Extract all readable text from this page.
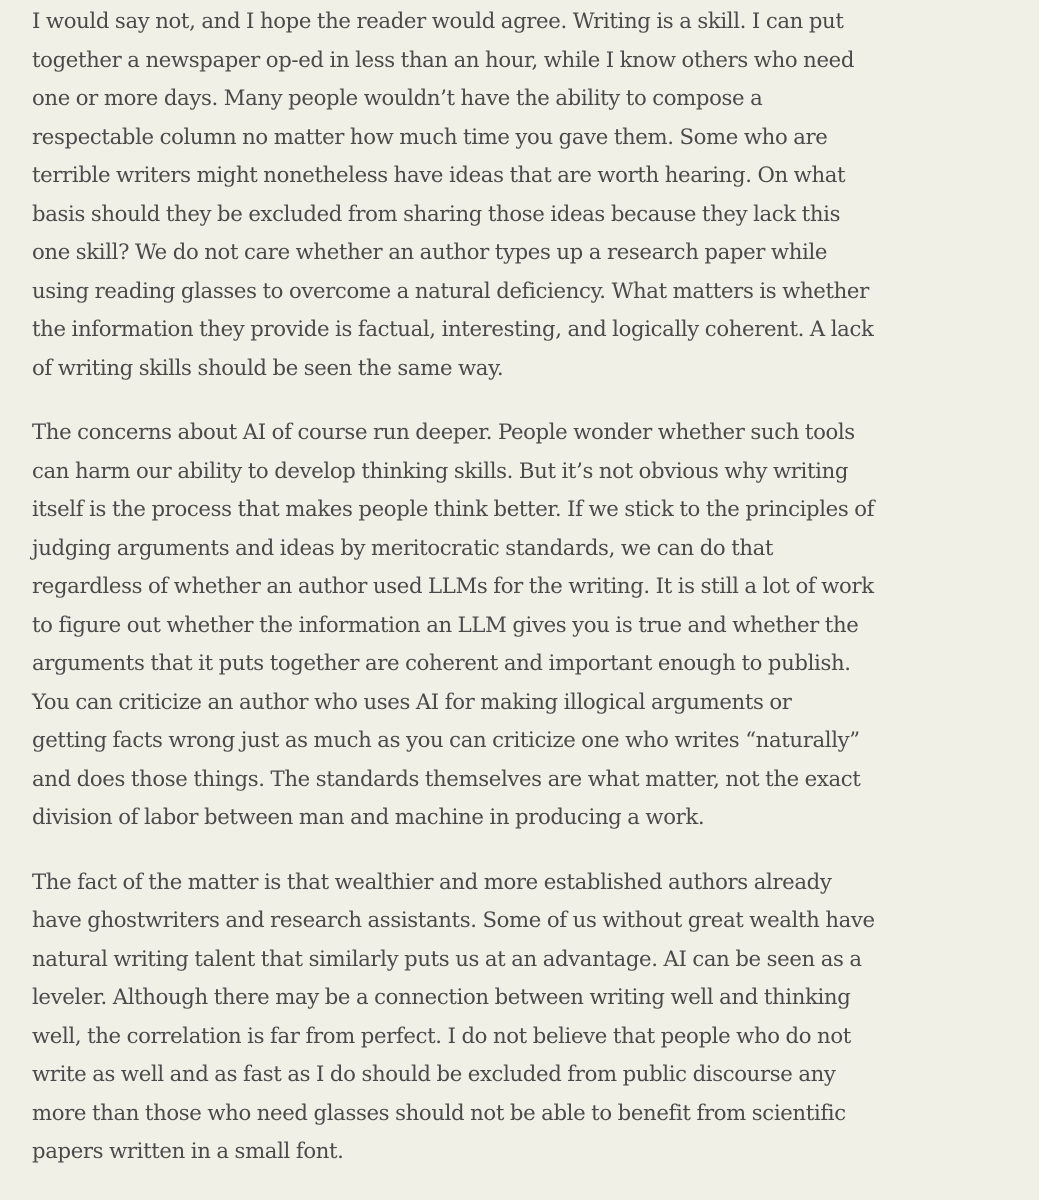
I would say not, and I hope the reader would agree. Writing is a skill. I can put
together a newspaper op-ed in less than an hour, while I know others who need
one or more days. Many people wouldn’t have the ability to compose a
respectable column no matter how much time you gave them. Some who are
terrible writers might nonetheless have ideas that are worth hearing. On what
basis should they be excluded from sharing those ideas because they lack this
one skill? We do not care whether an author types up a research paper while
using reading glasses to overcome a natural deficiency. What matters is whether
the information they provide is factual, interesting, and logically coherent. A lack
of writing skills should be seen the same way.

The concerns about AI of course run deeper. People wonder whether such tools
can harm our ability to develop thinking skills. But it’s not obvious why writing
itself is the process that makes people think better. If we stick to the principles of
judging arguments and ideas by meritocratic standards, we can do that
regardless of whether an author used LLMs for the writing. It is still a lot of work
to figure out whether the information an LLM gives you is true and whether the
arguments that it puts together are coherent and important enough to publish.
You can criticize an author who uses AI for making illogical arguments or
getting facts wrong just as much as you can criticize one who writes “naturally”
and does those things. The standards themselves are what matter, not the exact
division of labor between man and machine in producing a work.

The fact of the matter is that wealthier and more established authors already
have ghostwriters and research assistants. Some of us without great wealth have
natural writing talent that similarly puts us at an advantage. AI can be seen as a
leveler. Although there may be a connection between writing well and thinking
well, the correlation is far from perfect. I do not believe that people who do not
write as well and as fast as I do should be excluded from public discourse any
more than those who need glasses should not be able to benefit from scientific
papers written in a small font.
